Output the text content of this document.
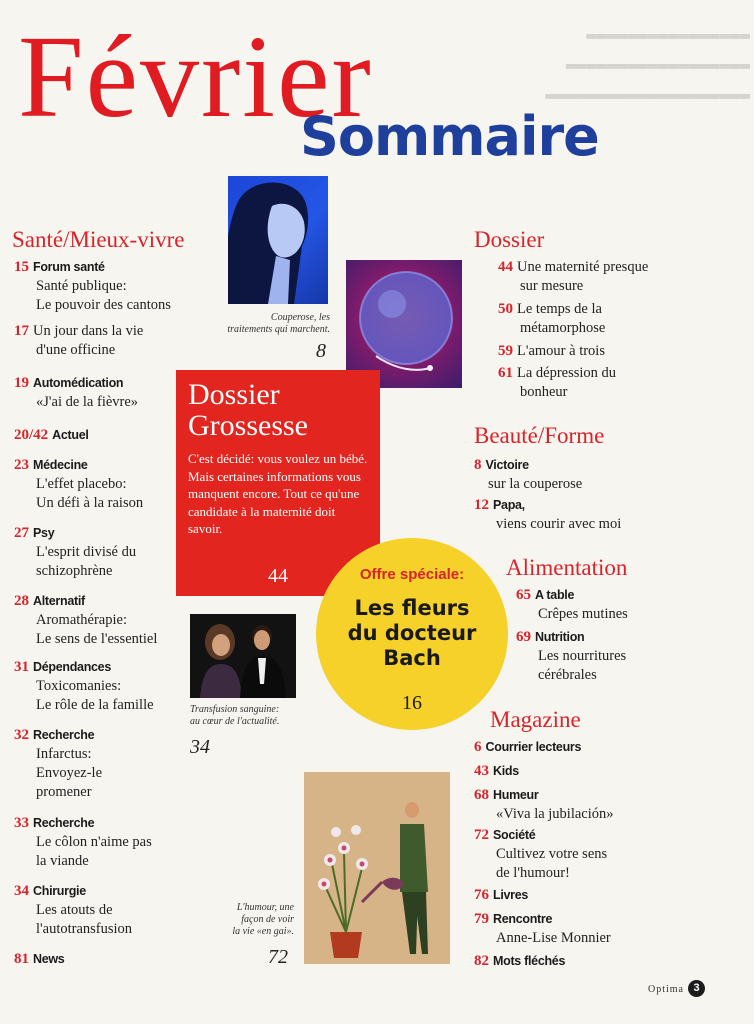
▬▬▬▬▬▬▬▬▬▬▬▬▬▬▬▬▬▬▬▬
▬▬▬▬▬▬▬▬▬▬▬▬▬▬▬▬▬▬
▬▬▬▬▬▬▬▬▬▬▬▬▬▬▬▬
Février
Sommaire
Santé/Mieux-vivre
15 Forum santé
Santé publique:
Le pouvoir des cantons
17 Un jour dans la vie
d'une officine
19 Automédication
«J'ai de la fièvre»
20/42 Actuel
23 Médecine
L'effet placebo:
Un défi à la raison
27 Psy
L'esprit divisé du
schizophrène
28 Alternatif
Aromathérapie:
Le sens de l'essentiel
31 Dépendances
Toxicomanies:
Le rôle de la famille
32 Recherche
Infarctus:
Envoyez-le
promener
33 Recherche
Le côlon n'aime pas
la viande
34 Chirurgie
Les atouts de
l'autotransfusion
81 News
Couperose, les
traitements qui marchent.
8
Dossier
Grossesse
C'est décidé: vous voulez un bébé. Mais certaines informations vous manquent encore. Tout ce qu'une candidate à la maternité doit savoir.
44	Offre spéciale:
Les fleurs
du docteur
Bach
16
Transfusion sanguine:
au cœur de l'actualité.
34
L'humour, une
façon de voir
la vie «en gai».
72
Dossier
Beauté/Forme
Alimentation
Magazine
44 Une maternité presque
sur mesure
50 Le temps de la
métamorphose
59 L'amour à trois
61 La dépression du
bonheur
8 Victoire
sur la couperose
12 Papa,
viens courir avec moi
65 A table
Crêpes mutines
69 Nutrition
Les nourritures
cérébrales
6 Courrier lecteurs
43 Kids
68 Humeur
«Viva la jubilación»
72 Société
Cultivez votre sens
de l'humour!
76 Livres
79 Rencontre
Anne-Lise Monnier
82 Mots fléchés
Optima 3
